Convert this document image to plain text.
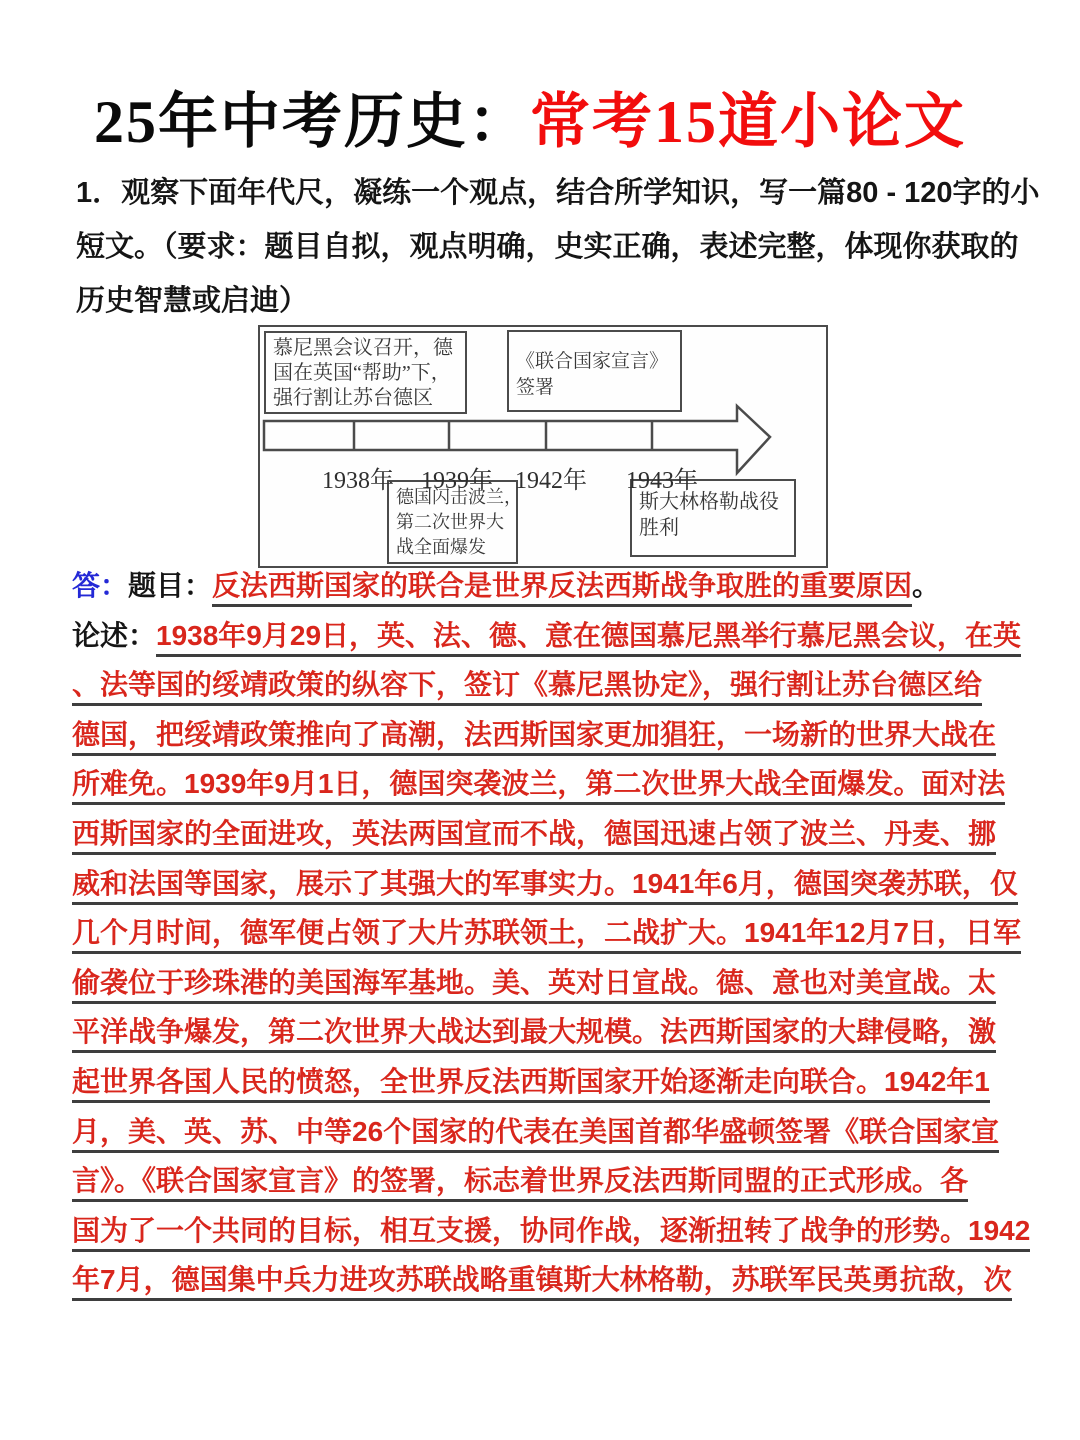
25年中考历史：常考15道小论文
1．观察下面年代尺，凝练一个观点，结合所学知识，写一篇80 - 120字的小
短文。（要求：题目自拟，观点明确，史实正确，表述完整，体现你获取的
历史智慧或启迪）
慕尼黑会议召开，德
国在英国“帮助”下，
强行割让苏台德区
《联合国家宣言》
签署
德国闪击波兰，
第二次世界大
战全面爆发
斯大林格勒战役
胜利
1938年 1939年 1942年 1943年
答：题目：反法西斯国家的联合是世界反法西斯战争取胜的重要原因。
论述：1938年9月29日，英、法、德、意在德国慕尼黑举行慕尼黑会议，在英
、法等国的绥靖政策的纵容下，签订《慕尼黑协定》，强行割让苏台德区给
德国，把绥靖政策推向了高潮，法西斯国家更加猖狂，一场新的世界大战在
所难免。1939年9月1日，德国突袭波兰，第二次世界大战全面爆发。面对法
西斯国家的全面进攻，英法两国宣而不战，德国迅速占领了波兰、丹麦、挪
威和法国等国家，展示了其强大的军事实力。1941年6月，德国突袭苏联，仅
几个月时间，德军便占领了大片苏联领土，二战扩大。1941年12月7日，日军
偷袭位于珍珠港的美国海军基地。美、英对日宣战。德、意也对美宣战。太
平洋战争爆发，第二次世界大战达到最大规模。法西斯国家的大肆侵略，激
起世界各国人民的愤怒，全世界反法西斯国家开始逐渐走向联合。1942年1
月，美、英、苏、中等26个国家的代表在美国首都华盛顿签署《联合国家宣
言》。《联合国家宣言》的签署，标志着世界反法西斯同盟的正式形成。各
国为了一个共同的目标，相互支援，协同作战，逐渐扭转了战争的形势。1942
年7月，德国集中兵力进攻苏联战略重镇斯大林格勒，苏联军民英勇抗敌，次
